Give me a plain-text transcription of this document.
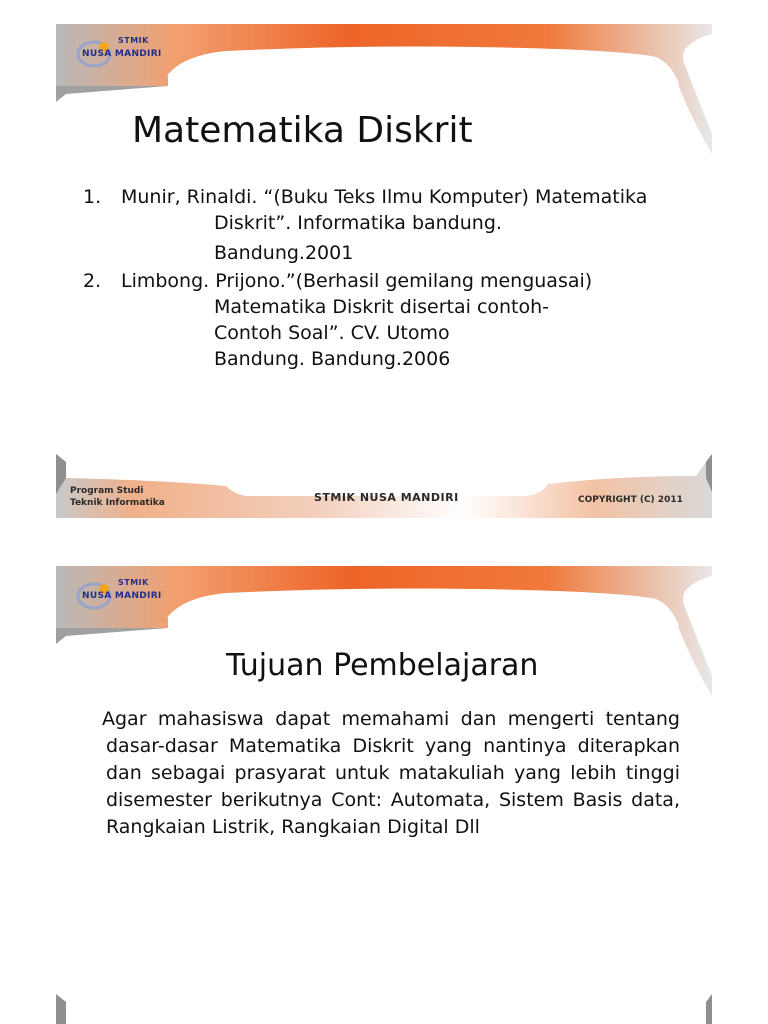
STMIK
NUSA MANDIRI
Matematika Diskrit
1. Munir, Rinaldi. “(Buku Teks Ilmu Komputer) Matematika
Diskrit”. Informatika bandung.
Bandung.2001
2. Limbong. Prijono.”(Berhasil gemilang menguasai)
Matematika Diskrit disertai contoh-
Contoh Soal”. CV. Utomo
Bandung. Bandung.2006
Program Studi
Teknik Informatika	STMIK NUSA MANDIRI	COPYRIGHT (C) 2011
STMIK
NUSA MANDIRI
Tujuan Pembelajaran

Agar mahasiswa dapat memahami dan mengerti tentang dasar-dasar Matematika Diskrit yang nantinya diterapkan dan sebagai prasyarat untuk matakuliah yang lebih tinggi disemester berikutnya Cont: Automata, Sistem Basis data, Rangkaian Listrik, Rangkaian Digital Dll
